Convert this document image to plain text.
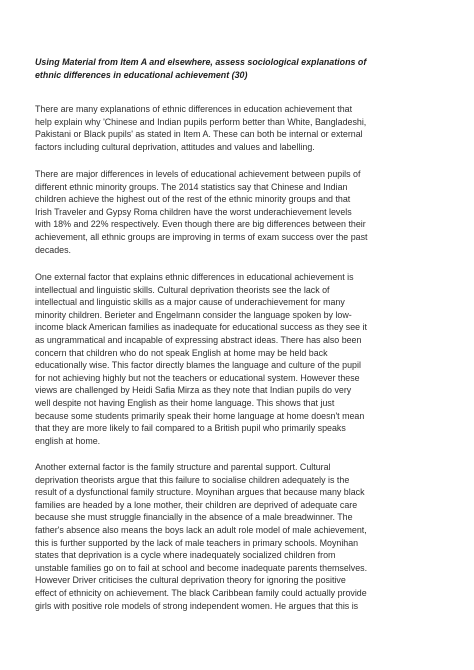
Using Material from Item A and elsewhere, assess sociological explanations of
ethnic differences in educational achievement (30)
There are many explanations of ethnic differences in education achievement that
help explain why 'Chinese and Indian pupils perform better than White, Bangladeshi,
Pakistani or Black pupils' as stated in Item A. These can both be internal or external
factors including cultural deprivation, attitudes and values and labelling.
There are major differences in levels of educational achievement between pupils of
different ethnic minority groups. The 2014 statistics say that Chinese and Indian
children achieve the highest out of the rest of the ethnic minority groups and that
Irish Traveler and Gypsy Roma children have the worst underachievement levels
with 18% and 22% respectively. Even though there are big differences between their
achievement, all ethnic groups are improving in terms of exam success over the past
decades.
One external factor that explains ethnic differences in educational achievement is
intellectual and linguistic skills. Cultural deprivation theorists see the lack of
intellectual and linguistic skills as a major cause of underachievement for many
minority children. Berieter and Engelmann consider the language spoken by low-
income black American families as inadequate for educational success as they see it
as ungrammatical and incapable of expressing abstract ideas. There has also been
concern that children who do not speak English at home may be held back
educationally wise. This factor directly blames the language and culture of the pupil
for not achieving highly but not the teachers or educational system. However these
views are challenged by Heidi Safia Mirza as they note that Indian pupils do very
well despite not having English as their home language. This shows that just
because some students primarily speak their home language at home doesn't mean
that they are more likely to fail compared to a British pupil who primarily speaks
english at home.
Another external factor is the family structure and parental support. Cultural
deprivation theorists argue that this failure to socialise children adequately is the
result of a dysfunctional family structure. Moynihan argues that because many black
families are headed by a lone mother, their children are deprived of adequate care
because she must struggle financially in the absence of a male breadwinner. The
father's absence also means the boys lack an adult role model of male achievement,
this is further supported by the lack of male teachers in primary schools. Moynihan
states that deprivation is a cycle where inadequately socialized children from
unstable families go on to fail at school and become inadequate parents themselves.
However Driver criticises the cultural deprivation theory for ignoring the positive
effect of ethnicity on achievement. The black Caribbean family could actually provide
girls with positive role models of strong independent women. He argues that this is
